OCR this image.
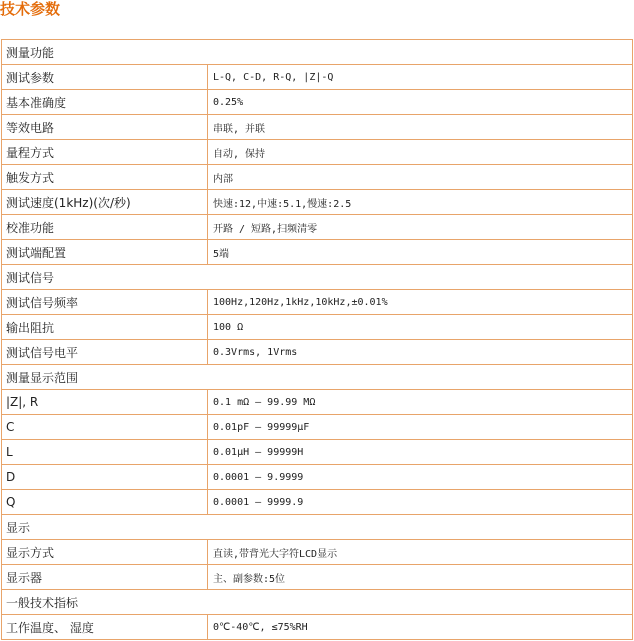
技术参数
测量功能	
测试参数	L-Q, C-D, R-Q, |Z|-Q
基本准确度	0.25%
等效电路	串联, 并联
量程方式	自动, 保持
触发方式	内部
测试速度(1kHz)(次/秒)	快速:12,中速:5.1,慢速:2.5
校准功能	开路 / 短路,扫频清零
测试端配置	5端
测试信号	
测试信号频率	100Hz,120Hz,1kHz,10kHz,±0.01%
输出阻抗	100 Ω
测试信号电平	0.3Vrms, 1Vrms
测量显示范围	
|Z|, R	0.1 mΩ — 99.99 MΩ
C	0.01pF — 99999μF
L	0.01μH — 99999H
D	0.0001 — 9.9999
Q	0.0001 — 9999.9
显示	
显示方式	直读,带背光大字符LCD显示
显示器	主、副参数:5位
一般技术指标	
工作温度、 湿度	0℃-40℃, ≤75%RH
